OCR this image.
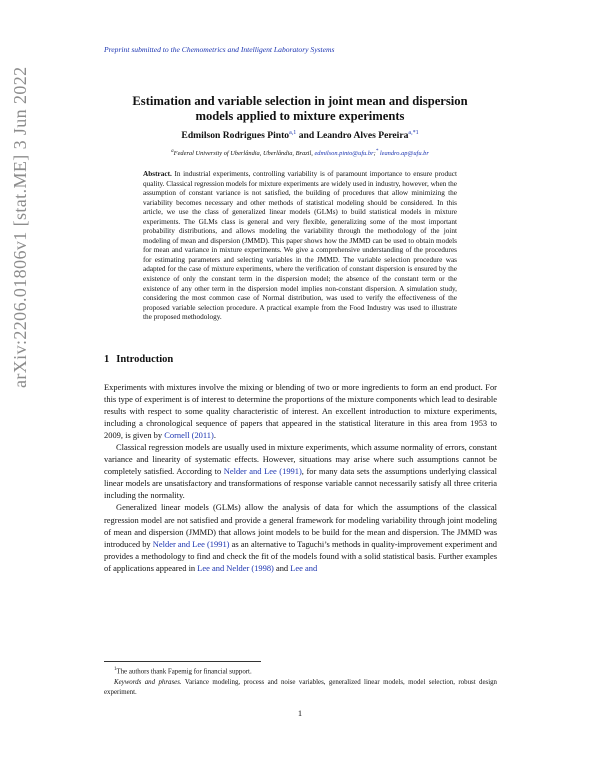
Preprint submitted to the Chemometrics and Intelligent Laboratory Systems
Estimation and variable selection in joint mean and dispersion
models applied to mixture experiments
Edmilson Rodrigues Pinto$^{a,1}$ and Leandro Alves Pereira$^{a,*1}$
$^a$Federal University of Uberlândia, Uberlândia, Brazil, edmilson.pinto@ufu.br;* leandro.ap@ufu.br
Abstract. In industrial experiments, controlling variability is of paramount importance to ensure product quality. Classical regression models for mixture experiments are widely used in industry, however, when the assumption of constant variance is not satisfied, the building of procedures that allow minimizing the variability becomes necessary and other methods of statistical modeling should be considered. In this article, we use the class of generalized linear models (GLMs) to build statistical models in mixture experiments. The GLMs class is general and very flexible, generalizing some of the most important probability distributions, and allows modeling the variability through the methodology of the joint modeling of mean and dispersion (JMMD). This paper shows how the JMMD can be used to obtain models for mean and variance in mixture experiments. We give a comprehensive understanding of the procedures for estimating parameters and selecting variables in the JMMD. The variable selection procedure was adapted for the case of mixture experiments, where the verification of constant dispersion is ensured by the existence of only the constant term in the dispersion model; the absence of the constant term or the existence of any other term in the dispersion model implies non-constant dispersion. A simulation study, considering the most common case of Normal distribution, was used to verify the effectiveness of the proposed variable selection procedure. A practical example from the Food Industry was used to illustrate the proposed methodology.
1 Introduction

Experiments with mixtures involve the mixing or blending of two or more ingredients to form an end product. For this type of experiment is of interest to determine the proportions of the mixture components which lead to desirable results with respect to some quality characteristic of interest. An excellent introduction to mixture experiments, including a chronological sequence of papers that appeared in the statistical literature in this area from 1953 to 2009, is given by Cornell (2011).

Classical regression models are usually used in mixture experiments, which assume normality of errors, constant variance and linearity of systematic effects. However, situations may arise where such assumptions cannot be completely satisfied. According to Nelder and Lee (1991), for many data sets the assumptions underlying classical linear models are unsatisfactory and transformations of response variable cannot necessarily satisfy all three criteria including the normality.

Generalized linear models (GLMs) allow the analysis of data for which the assumptions of the classical regression model are not satisfied and provide a general framework for modeling variability through joint modeling of mean and dispersion (JMMD) that allows joint models to be build for the mean and dispersion. The JMMD was introduced by Nelder and Lee (1991) as an alternative to Taguchi’s methods in quality-improvement experiment and provides a methodology to find and check the fit of the models found with a solid statistical basis. Further examples of applications appeared in Lee and Nelder (1998) and Lee and

$^1$The authors thank Fapemig for financial support.

Keywords and phrases. Variance modeling, process and noise variables, generalized linear models, model selection, robust design experiment.

1
arXiv:2206.01806v1 [stat.ME] 3 Jun 2022
